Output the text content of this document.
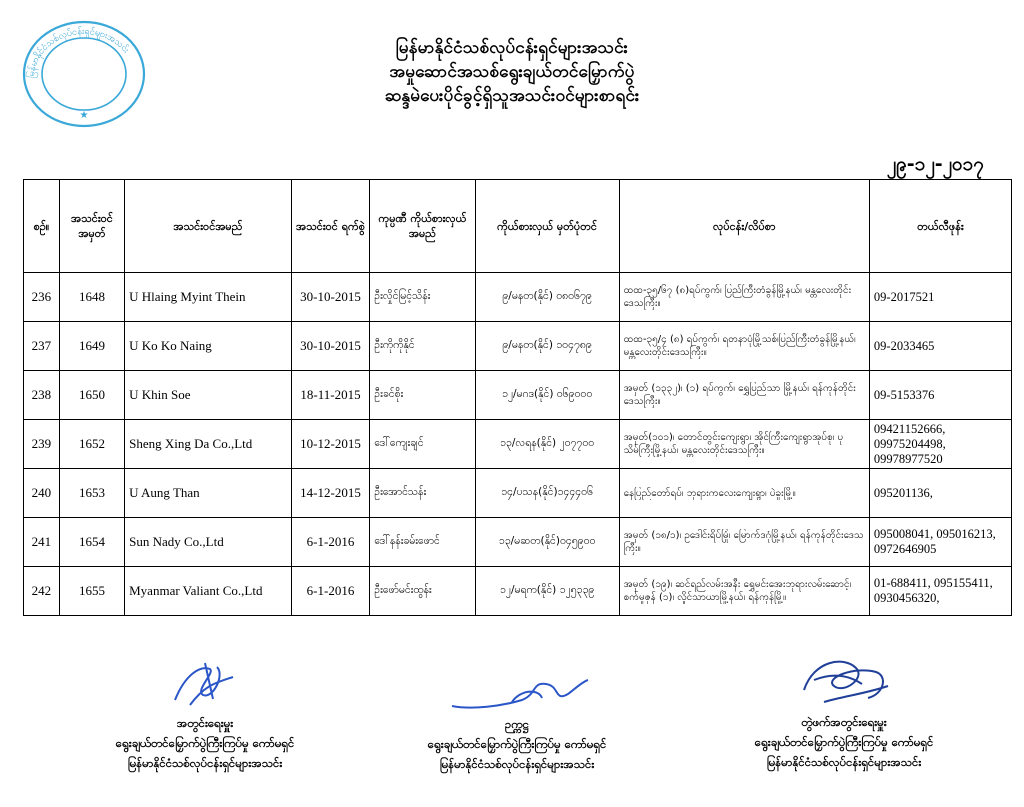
မြန်မာနိုင်ငံသစ်လုပ်ငန်းရှင်များအသင်း
★
မြန်မာနိုင်ငံသစ်လုပ်ငန်းရှင်များအသင်း
အမှုဆောင်အသစ်ရွေးချယ်တင်မြှောက်ပွဲ
ဆန္ဒမဲပေးပိုင်ခွင့်ရှိသူအသင်းဝင်များစာရင်း
၂၉-၁၂-၂၀၁၇
စဉ်။	အသင်းဝင် အမှတ်	အသင်းဝင်အမည်	အသင်းဝင် ရက်စွဲ	ကုမ္ပဏီ ကိုယ်စားလှယ် အမည်	ကိုယ်စားလှယ် မှတ်ပုံတင်	လုပ်ငန်း/လိပ်စာ	တယ်လီဖုန်း
236	1648	U Hlaing Myint Thein	30-10-2015	ဦးလှိုင်မြင့်သိန်း	၉/မနတ(နိုင်) ၀၈၀၆၇၉	ထထ-၃၅/၆၇ (၈)ရပ်ကွက်၊ ပြည်ကြီးတံခွန်မြို့နယ်၊ မန္တလေးတိုင်းဒေသကြီး။	09-2017521

237	1649	U Ko Ko Naing	30-10-2015	ဦးကိုကိုနိုင်	၉/မနတ(နိုင်) ၁၀၄၇၈၉	ထထ-၃၅/၄ (၈) ရပ်ကွက်၊ ရတနာပုံမြို့သစ်၊ပြည်ကြီးတံခွန်မြို့နယ်၊ မန္တလေးတိုင်းဒေသကြီး။	09-2033465

238	1650	U Khin Soe	18-11-2015	ဦးခင်စိုး	၁၂/မဂဒ(နိုင်) ၀၆၉၀၀၀	အမှတ် (၁၃၃၂)၊ (၁) ရပ်ကွက်၊ ရွှေပြည်သာ မြို့နယ်၊ ရန်ကုန်တိုင်းဒေသကြီး။	09-5153376

239	1652	Sheng Xing Da Co.,Ltd	10-12-2015	ဒေါ်ကျေးချင်	၁၃/လရန(နိုင်) ၂၀၇၇၀၀	အမှတ်(၁၀၁)၊ တောင်တွင်းကျေးရွာ၊ အိုင်ကြီးကျေးရွာအုပ်စု၊ ပုသိမ်ကြီးမြို့နယ်၊ မန္တလေးတိုင်းဒေသကြီး။	09421152666, 09975204498, 09978977520

240	1653	U Aung Than	14-12-2015	ဦးအောင်သန်း	၁၄/ပသန(နိုင်)၁၄၄၄၀၆	နေပြည်တော်ရပ်၊ ဘုရားကလေးကျေးရွာ၊ ပဲခူးမြို့။	095201136,

241	1654	Sun Nady Co.,Ltd	6-1-2016	ဒေါ်နန်းခမ်းဖောင်	၁၃/မဆတ(နိုင်)၀၄၅၉၀၀	အမှတ် (၁၈/၁)၊ ဥဒေါင်းရိပ်မြုံ၊ မြောက်ဒဂုံမြို့နယ်၊ ရန်ကုန်တိုင်းဒေသကြီး။	095008041, 095016213, 0972646905

242	1655	Myanmar Valiant Co.,Ltd	6-1-2016	ဦးဖော်မင်းထွန်း	၁၂/မရက(နိုင်) ၁၂၅၃၃၉	အမှတ် (၁၉)၊ ဆင်ရည်လမ်းအနီး ရွှေမင်းအေးဘုရားလမ်းဆောင့်၊ စက်မှုဇုန် (၁)၊ လှိုင်သာယာမြို့နယ်၊ ရန်ကုန်မြို့။	01-688411, 095155411, 0930456320,
အတွင်းရေးမှူး
ရွေးချယ်တင်မြှောက်ပွဲကြီးကြပ်မှု ကော်မရှင်
မြန်မာနိုင်ငံသစ်လုပ်ငန်းရှင်များအသင်း
ဉက္ကဋ္ဌ
ရွေးချယ်တင်မြှောက်ပွဲကြီးကြပ်မှု ကော်မရှင်
မြန်မာနိုင်ငံသစ်လုပ်ငန်းရှင်များအသင်း
တွဲဖက်အတွင်းရေးမှူး
ရွေးချယ်တင်မြှောက်ပွဲကြီးကြပ်မှု ကော်မရှင်
မြန်မာနိုင်ငံသစ်လုပ်ငန်းရှင်များအသင်း
